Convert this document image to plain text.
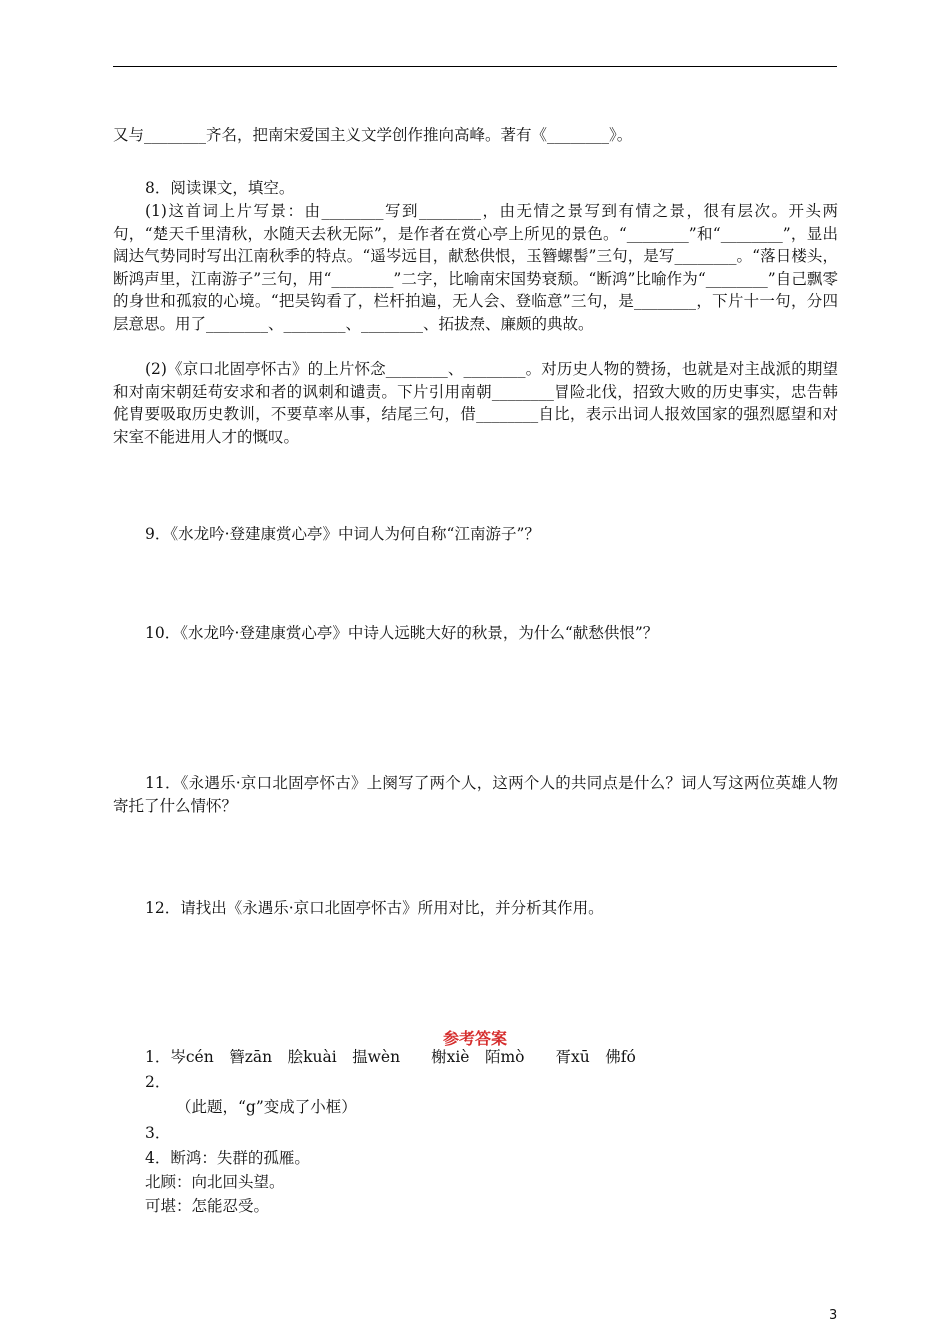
又与________齐名，把南宋爱国主义文学创作推向高峰。著有《________》。
8．阅读课文，填空。
(1)这首词上片写景：由________写到________，由无情之景写到有情之景，很有层次。开头两句，“楚天千里清秋，水随天去秋无际”，是作者在赏心亭上所见的景色。“________”和“________”，显出阔达气势同时写出江南秋季的特点。“遥岑远目，献愁供恨，玉簪螺髻”三句，是写________。“落日楼头，断鸿声里，江南游子”三句，用“________”二字，比喻南宋国势衰颓。“断鸿”比喻作为“________”自己飘零的身世和孤寂的心境。“把吴钩看了，栏杆拍遍，无人会、登临意”三句，是________，下片十一句，分四层意思。用了________、________、________、拓拔焘、廉颇的典故。
(2)《京口北固亭怀古》的上片怀念________、________。对历史人物的赞扬，也就是对主战派的期望和对南宋朝廷苟安求和者的讽刺和谴责。下片引用南朝________冒险北伐，招致大败的历史事实，忠告韩侂胄要吸取历史教训，不要草率从事，结尾三句，借________自比，表示出词人报效国家的强烈愿望和对宋室不能进用人才的慨叹。
9．《水龙吟·登建康赏心亭》中词人为何自称“江南游子”？
10．《水龙吟·登建康赏心亭》中诗人远眺大好的秋景，为什么“献愁供恨”？
11．《永遇乐·京口北固亭怀古》上阕写了两个人，这两个人的共同点是什么？词人写这两位英雄人物寄托了什么情怀？
12．请找出《永遇乐·京口北固亭怀古》所用对比，并分析其作用。
参考答案
1．岑cén　簪zān　脍kuài　揾wèn　　榭xiè　陌mò　　胥xū　佛fó
2．
（此题，“g”变成了小框）
3．
4．断鸿：失群的孤雁。
北顾：向北回头望。
可堪：怎能忍受。
3
